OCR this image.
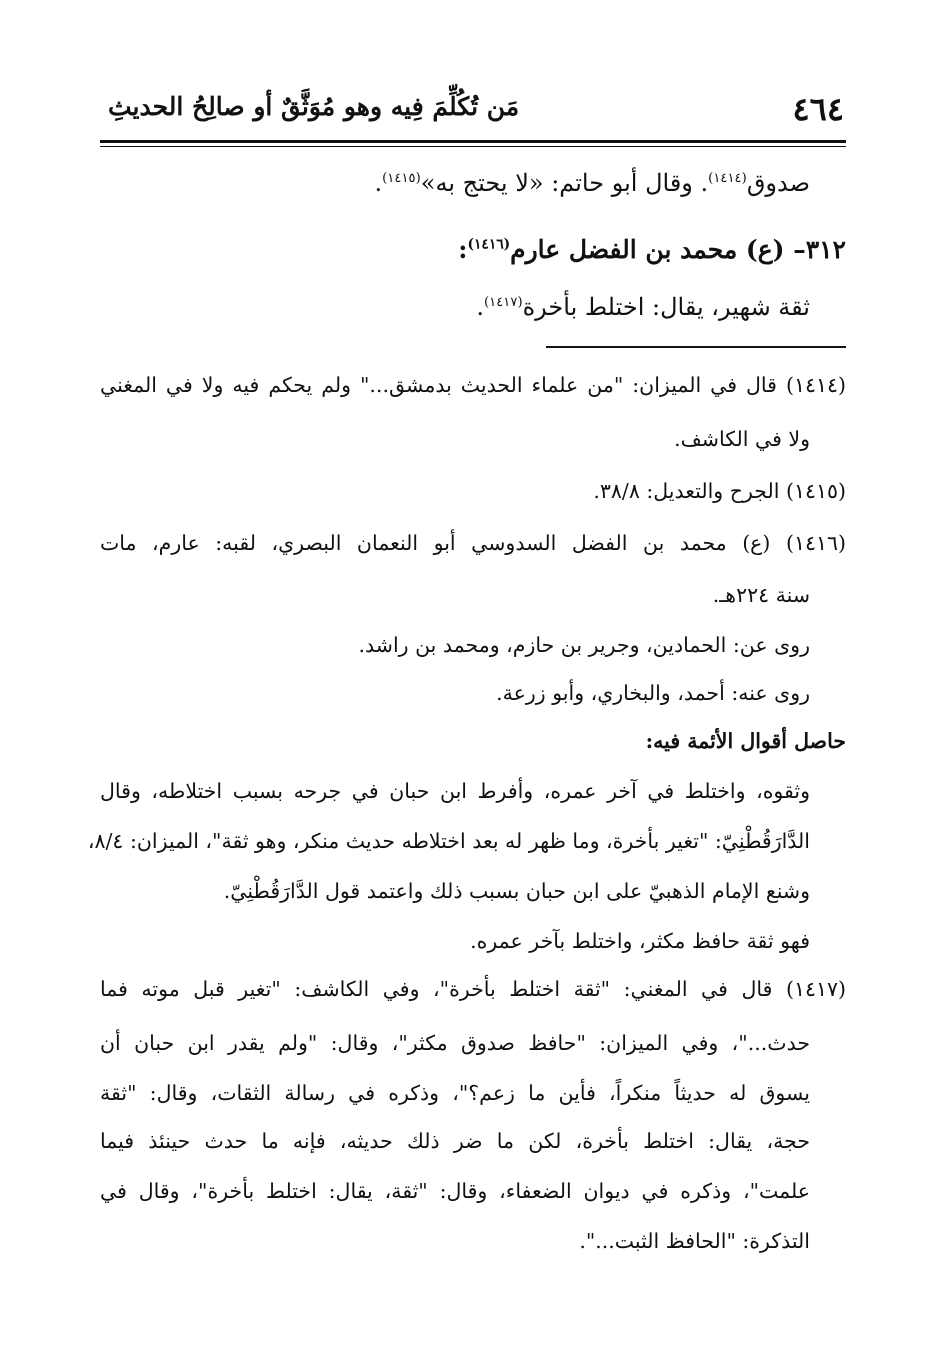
٤٦٤
مَن تُكُلِّمَ فِيه وهو مُوَثَّقٌ أو صالِحُ الحديثِ
صدوق$^{(١٤١٤)}$. وقال أبو حاتم: «لا يحتج به»$^{(١٤١٥)}$.
٣١٢– (ع) محمد بن الفضل عارم$^{(١٤١٦)}$:
ثقة شهير، يقال: اختلط بأخرة$^{(١٤١٧)}$.
(١٤١٤) قال في الميزان: "من علماء الحديث بدمشق..." ولم يحكم فيه ولا في المغني
ولا في الكاشف.
(١٤١٥) الجرح والتعديل: ٣٨/٨.
(١٤١٦) (ع) محمد بن الفضل السدوسي أبو النعمان البصري، لقبه: عارم، مات
سنة ٢٢٤هـ.
روى عن: الحمادين، وجرير بن حازم، ومحمد بن راشد.
روى عنه: أحمد، والبخاري، وأبو زرعة.
حاصل أقوال الأئمة فيه:
وثقوه، واختلط في آخر عمره، وأفرط ابن حبان في جرحه بسبب اختلاطه، وقال
الدَّارَقُطْنِيّ: "تغير بأخرة، وما ظهر له بعد اختلاطه حديث منكر، وهو ثقة"، الميزان: ٨/٤،
وشنع الإمام الذهبيّ على ابن حبان بسبب ذلك واعتمد قول الدَّارَقُطْنِيّ.
فهو ثقة حافظ مكثر، واختلط بآخر عمره.
(١٤١٧) قال في المغني: "ثقة اختلط بأخرة"، وفي الكاشف: "تغير قبل موته فما
حدث..."، وفي الميزان: "حافظ صدوق مكثر"، وقال: "ولم يقدر ابن حبان أن
يسوق له حديثاً منكراً، فأين ما زعم؟"، وذكره في رسالة الثقات، وقال: "ثقة
حجة، يقال: اختلط بأخرة، لكن ما ضر ذلك حديثه، فإنه ما حدث حينئذ فيما
علمت"، وذكره في ديوان الضعفاء، وقال: "ثقة، يقال: اختلط بأخرة"، وقال في
التذكرة: "الحافظ الثبت...".
